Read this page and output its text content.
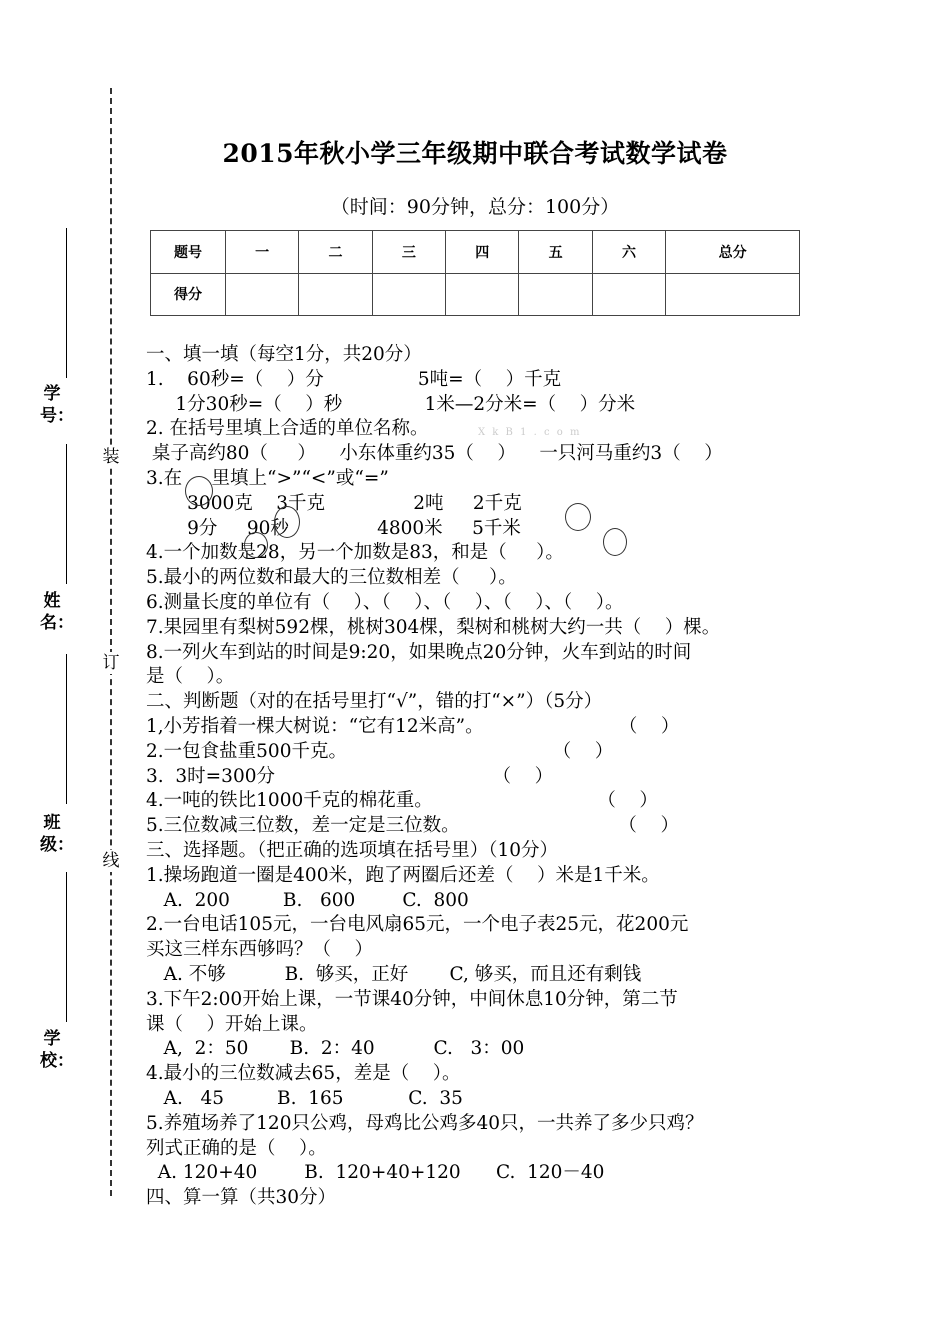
装
订
线
学号：
姓名：
班级：
学校：
2015年秋小学三年级期中联合考试数学试卷
（时间：90分钟，总分：100分）
题号	一	二	三	四	五	六	总分
得分							
一、填一填（每空1分，共20分）
1.    60秒=（    ）分                5吨=（    ）千克
1分30秒=（    ）秒              1米—2分米=（    ）分米
2. 在括号里填上合适的单位名称。
桌子高约80（     ）    小东体重约35（    ）    一只河马重约3（    ）
3.在     里填上“>”“<”或“=”
3000克    3千克               2吨     2千克
9分     90秒               4800米     5千米
4.一个加数是28，另一个加数是83，和是（     ）。
5.最小的两位数和最大的三位数相差（     ）。
6.测量长度的单位有（    ）、（    ）、（    ）、（    ）、（    ）。
7.果园里有梨树592棵，桃树304棵，梨树和桃树大约一共（    ）棵。
8.一列火车到站的时间是9:20，如果晚点20分钟，火车到站的时间
是（    ）。
二、判断题（对的在括号里打“√”，错的打“×”）（5分）
1,小芳指着一棵大树说：“它有12米高”。                       （    ）
2.一包食盐重500千克。                                   （    ）
3.  3时=300分                                     （    ）
4.一吨的铁比1000千克的棉花重。                            （    ）
5.三位数减三位数，差一定是三位数。                           （    ）
三、选择题。（把正确的选项填在括号里）（10分）
1.操场跑道一圈是400米，跑了两圈后还差（    ）米是1千米。
A.  200         B.   600        C.  800
2.一台电话105元，一台电风扇65元，一个电子表25元，花200元
买这三样东西够吗？（    ）
A. 不够          B.  够买，正好       C, 够买，而且还有剩钱
3.下午2:00开始上课，一节课40分钟，中间休息10分钟，第二节
课（    ）开始上课。
A,  2：50       B.  2：40          C.   3：00
4.最小的三位数减去65，差是（    ）。
A.   45         B.  165           C.  35
5.养殖场养了120只公鸡，母鸡比公鸡多40只，一共养了多少只鸡？
列式正确的是（    ）。
A. 120+40        B.  120+40+120      C.  120－40
四、算一算（共30分）
X k B 1 . c o m
